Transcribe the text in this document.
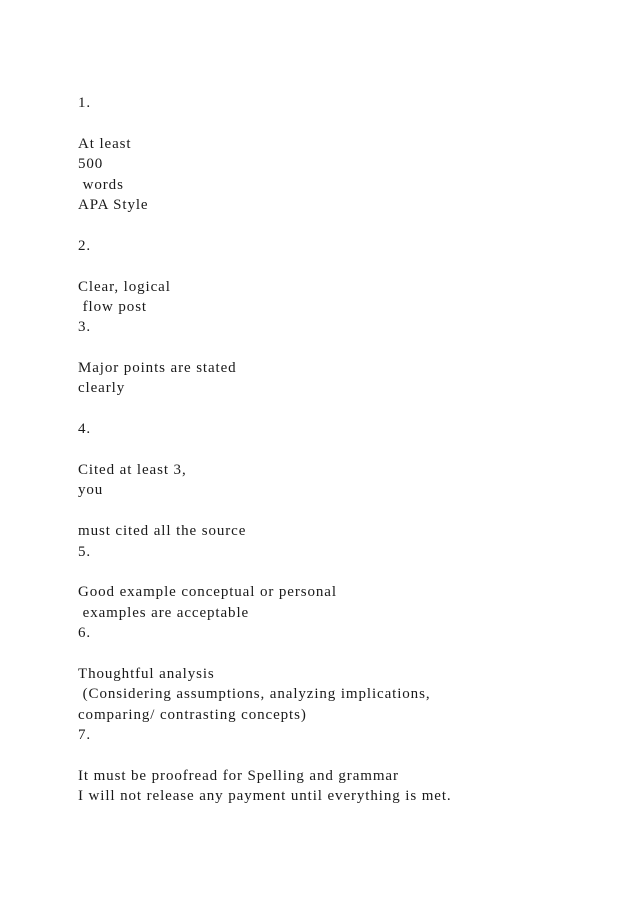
1.
At least
500
words
APA Style
2.
Clear, logical
flow post
3.
Major points are stated
clearly
4.
Cited at least 3,
you
must cited all the source
5.
Good example conceptual or personal
examples are acceptable
6.
Thoughtful analysis
(Considering assumptions, analyzing implications,
comparing/ contrasting concepts)
7.
It must be proofread for Spelling and grammar
I will not release any payment until everything is met.
